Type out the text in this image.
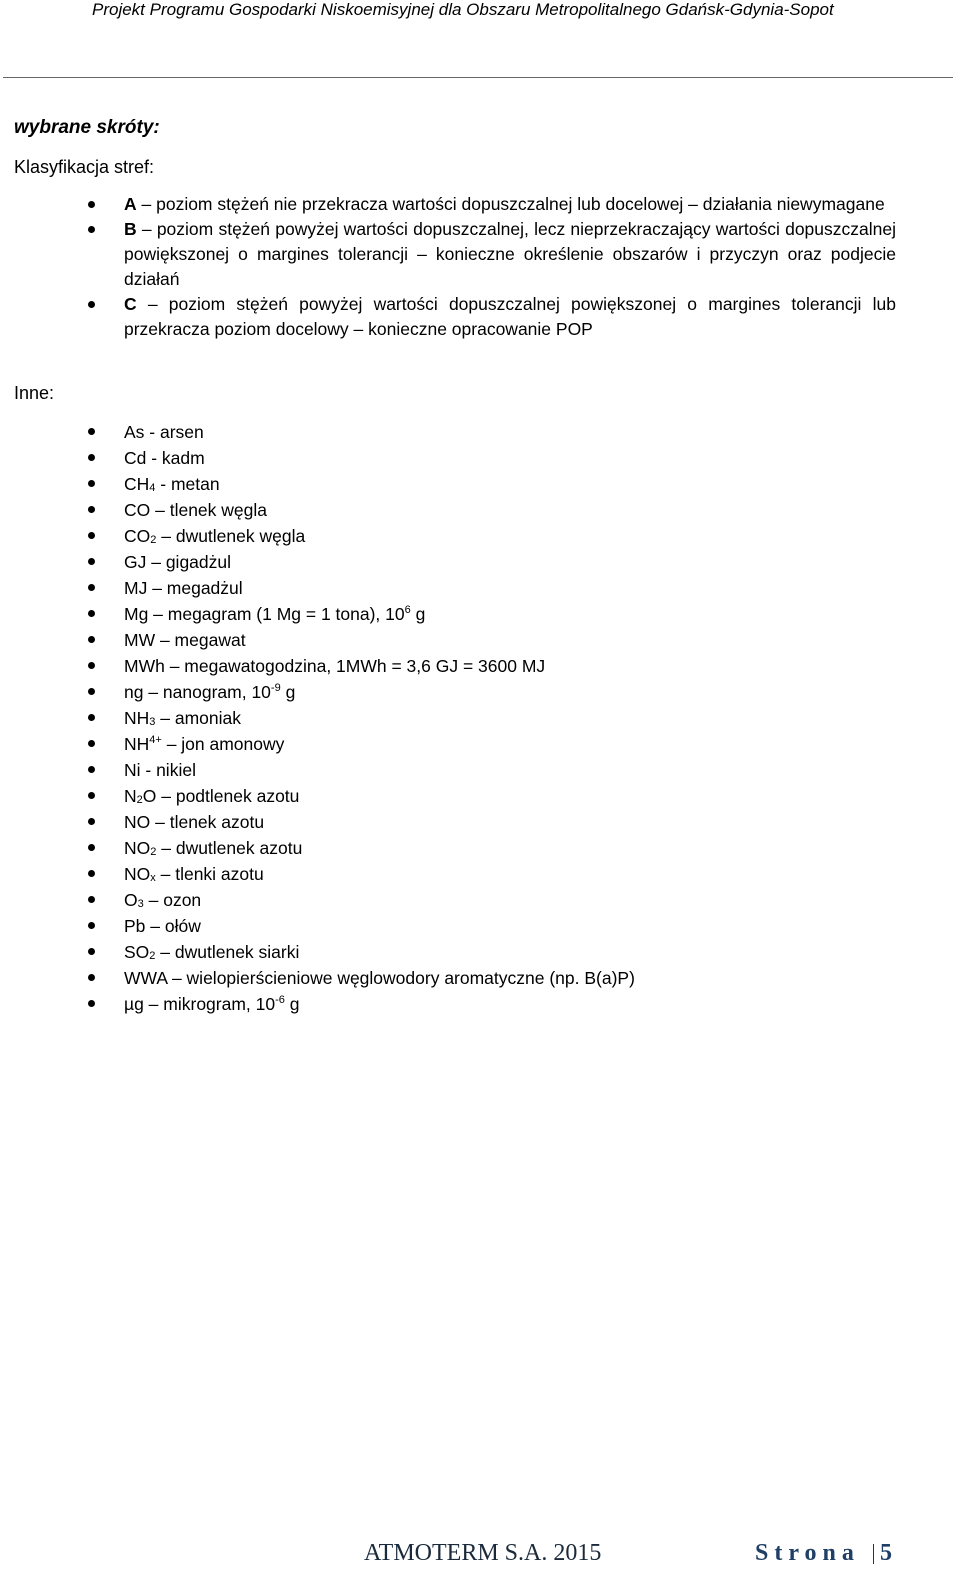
Projekt Programu Gospodarki Niskoemisyjnej dla Obszaru Metropolitalnego Gdańsk-Gdynia-Sopot
wybrane skróty:
Klasyfikacja stref:
A – poziom stężeń nie przekracza wartości dopuszczalnej lub docelowej – działania niewymagane
B – poziom stężeń powyżej wartości dopuszczalnej, lecz nieprzekraczający wartości dopuszczalnej powiększonej o margines tolerancji – konieczne określenie obszarów i przyczyn oraz podjecie działań
C – poziom stężeń powyżej wartości dopuszczalnej powiększonej o margines tolerancji lub przekracza poziom docelowy – konieczne opracowanie POP
Inne:
As - arsen
Cd - kadm
$CH_4$ - metan
CO – tlenek węgla
$CO_2$ – dwutlenek węgla
GJ – gigadżul
MJ – megadżul
Mg – megagram (1 Mg = 1 tona), $10^6$ g
MW – megawat
MWh – megawatogodzina, 1MWh = 3,6 GJ = 3600 MJ
ng – nanogram, $10^{-9}$ g
$NH_3$ – amoniak
$NH^{4+}$ – jon amonowy
Ni - nikiel
$N_2O$ – podtlenek azotu
NO – tlenek azotu
$NO_2$ – dwutlenek azotu
$NO_x$ – tlenki azotu
$O_3$ – ozon
Pb – ołów
$SO_2$ – dwutlenek siarki
WWA – wielopierścieniowe węglowodory aromatyczne (np. B(a)P)
µg – mikrogram, $10^{-6}$ g
ATMOTERM S.A. 2015	Strona 5
